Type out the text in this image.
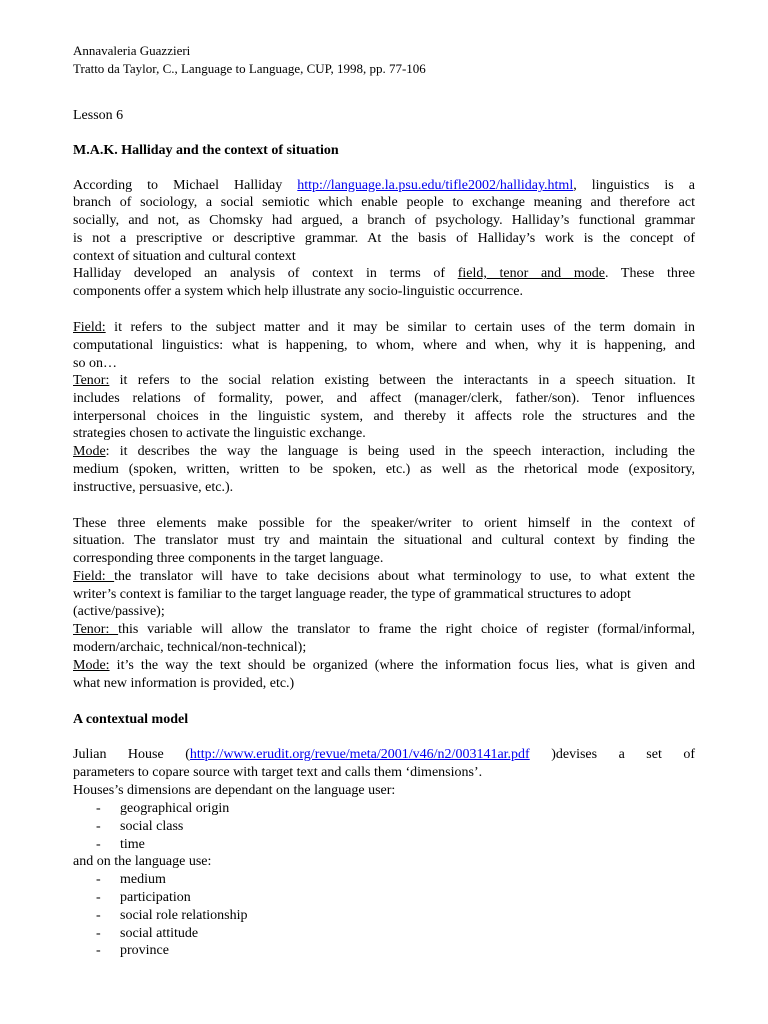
Annavaleria Guazzieri
Tratto da Taylor, C., Language to Language, CUP, 1998, pp. 77-106
Lesson 6
M.A.K. Halliday and the context of situation
According to Michael Halliday http://language.la.psu.edu/tifle2002/halliday.html, linguistics is a
branch of sociology, a social semiotic which enable people to exchange meaning and therefore act
socially, and not, as Chomsky had argued, a branch of psychology. Halliday’s functional grammar
is not a prescriptive or descriptive grammar. At the basis of Halliday’s work is the concept of
context of situation and cultural context
Halliday developed an analysis of context in terms of field, tenor and mode. These three
components offer a system which help illustrate any socio-linguistic occurrence.
Field: it refers to the subject matter and it may be similar to certain uses of the term domain in
computational linguistics: what is happening, to whom, where and when, why it is happening, and
so on…
Tenor: it refers to the social relation existing between the interactants in a speech situation. It
includes relations of formality, power, and affect (manager/clerk, father/son). Tenor influences
interpersonal choices in the linguistic system, and thereby it affects role the structures and the
strategies chosen to activate the linguistic exchange.
Mode: it describes the way the language is being used in the speech interaction, including the
medium (spoken, written, written to be spoken, etc.) as well as the rhetorical mode (expository,
instructive, persuasive, etc.).
These three elements make possible for the speaker/writer to orient himself in the context of
situation. The translator must try and maintain the situational and cultural context by finding the
corresponding three components in the target language.
Field: the translator will have to take decisions about what terminology to use, to what extent the
writer’s context is familiar to the target language reader, the type of grammatical structures to adopt
(active/passive);
Tenor: this variable will allow the translator to frame the right choice of register (formal/informal,
modern/archaic, technical/non-technical);
Mode: it’s the way the text should be organized (where the information focus lies, what is given and
what new information is provided, etc.)
A contextual model
Julian House (http://www.erudit.org/revue/meta/2001/v46/n2/003141ar.pdf )devises a set of
parameters to copare source with target text and calls them ‘dimensions’.
Houses’s dimensions are dependant on the language user:
- geographical origin
- social class
- time
and on the language use:
- medium
- participation
- social role relationship
- social attitude
- province
